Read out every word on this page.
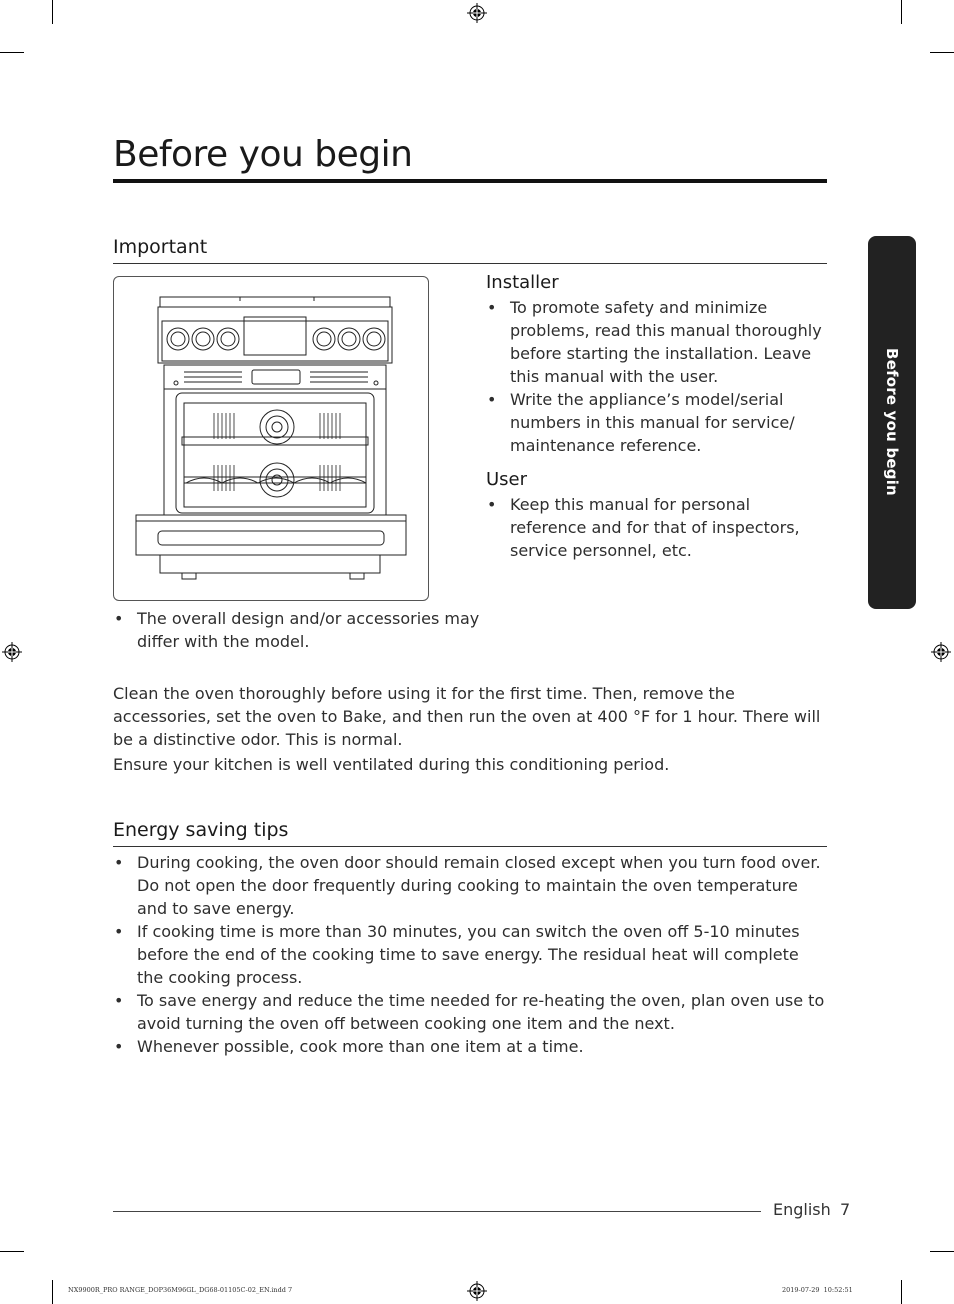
Before you begin
Before you begin
Important
• The overall design and/or accessories may differ with the model.
Installer
• To promote safety and minimize problems, read this manual thoroughly before starting the installation. Leave this manual with the user.
• Write the appliance’s model/serial numbers in this manual for service/ maintenance reference.
User
• Keep this manual for personal reference and for that of inspectors, service personnel, etc.

Clean the oven thoroughly before using it for the first time. Then, remove the accessories, set the oven to Bake, and then run the oven at 400 °F for 1 hour. There will be a distinctive odor. This is normal.

Ensure your kitchen is well ventilated during this conditioning period.

Energy saving tips
• During cooking, the oven door should remain closed except when you turn food over. Do not open the door frequently during cooking to maintain the oven temperature and to save energy.
• If cooking time is more than 30 minutes, you can switch the oven off 5-10 minutes before the end of the cooking time to save energy. The residual heat will complete the cooking process.
• To save energy and reduce the time needed for re-heating the oven, plan oven use to avoid turning the oven off between cooking one item and the next.
• Whenever possible, cook more than one item at a time.
English 7
NX9900R_PRO RANGE_DOP36M96GL_DG68-01105C-02_EN.indd 7	2019-07-29 ￼ 10:52:51
